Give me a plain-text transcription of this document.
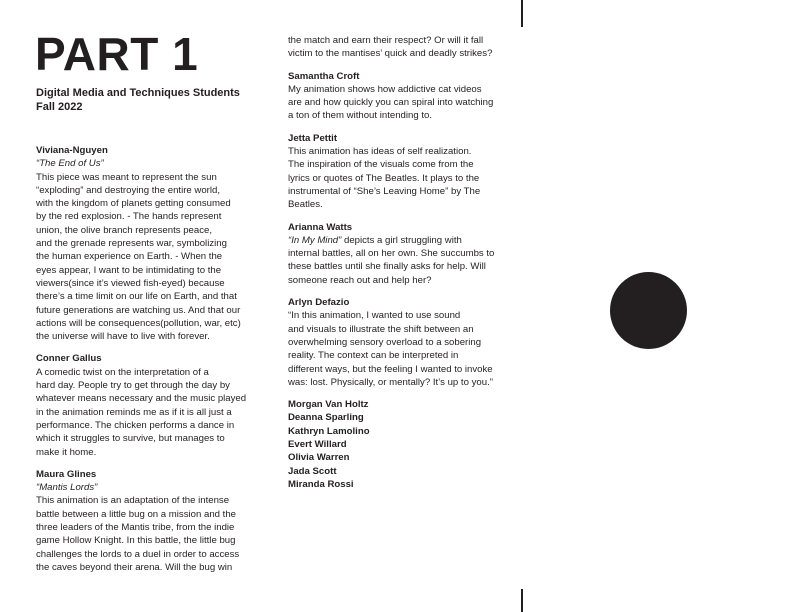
PART 1
Digital Media and Techniques Students
Fall 2022
Viviana-Nguyen
“The End of Us”
This piece was meant to represent the sun
“exploding” and destroying the entire world,
with the kingdom of planets getting consumed
by the red explosion. - The hands represent
union, the olive branch represents peace,
and the grenade represents war, symbolizing
the human experience on Earth. - When the
eyes appear, I want to be intimidating to the
viewers(since it’s viewed fish-eyed) because
there’s a time limit on our life on Earth, and that
future generations are watching us. And that our
actions will be consequences(pollution, war, etc)
the universe will have to live with forever.
Conner Gallus
A comedic twist on the interpretation of a
hard day. People try to get through the day by
whatever means necessary and the music played
in the animation reminds me as if it is all just a
performance. The chicken performs a dance in
which it struggles to survive, but manages to
make it home.
Maura Glines
“Mantis Lords”
This animation is an adaptation of the intense
battle between a little bug on a mission and the
three leaders of the Mantis tribe, from the indie
game Hollow Knight. In this battle, the little bug
challenges the lords to a duel in order to access
the caves beyond their arena. Will the bug win
the match and earn their respect? Or will it fall
victim to the mantises’ quick and deadly strikes?
Samantha Croft
My animation shows how addictive cat videos
are and how quickly you can spiral into watching
a ton of them without intending to.
Jetta Pettit
This animation has ideas of self realization.
The inspiration of the visuals come from the
lyrics or quotes of The Beatles. It plays to the
instrumental of “She’s Leaving Home” by The
Beatles.
Arianna Watts
“In My Mind” depicts a girl struggling with
internal battles, all on her own. She succumbs to
these battles until she finally asks for help. Will
someone reach out and help her?
Arlyn Defazio
“In this animation, I wanted to use sound
and visuals to illustrate the shift between an
overwhelming sensory overload to a sobering
reality. The context can be interpreted in
different ways, but the feeling I wanted to invoke
was: lost. Physically, or mentally? It’s up to you.”
Morgan Van Holtz
Deanna Sparling
Kathryn Lamolino
Evert Willard
Olivia Warren
Jada Scott
Miranda Rossi
